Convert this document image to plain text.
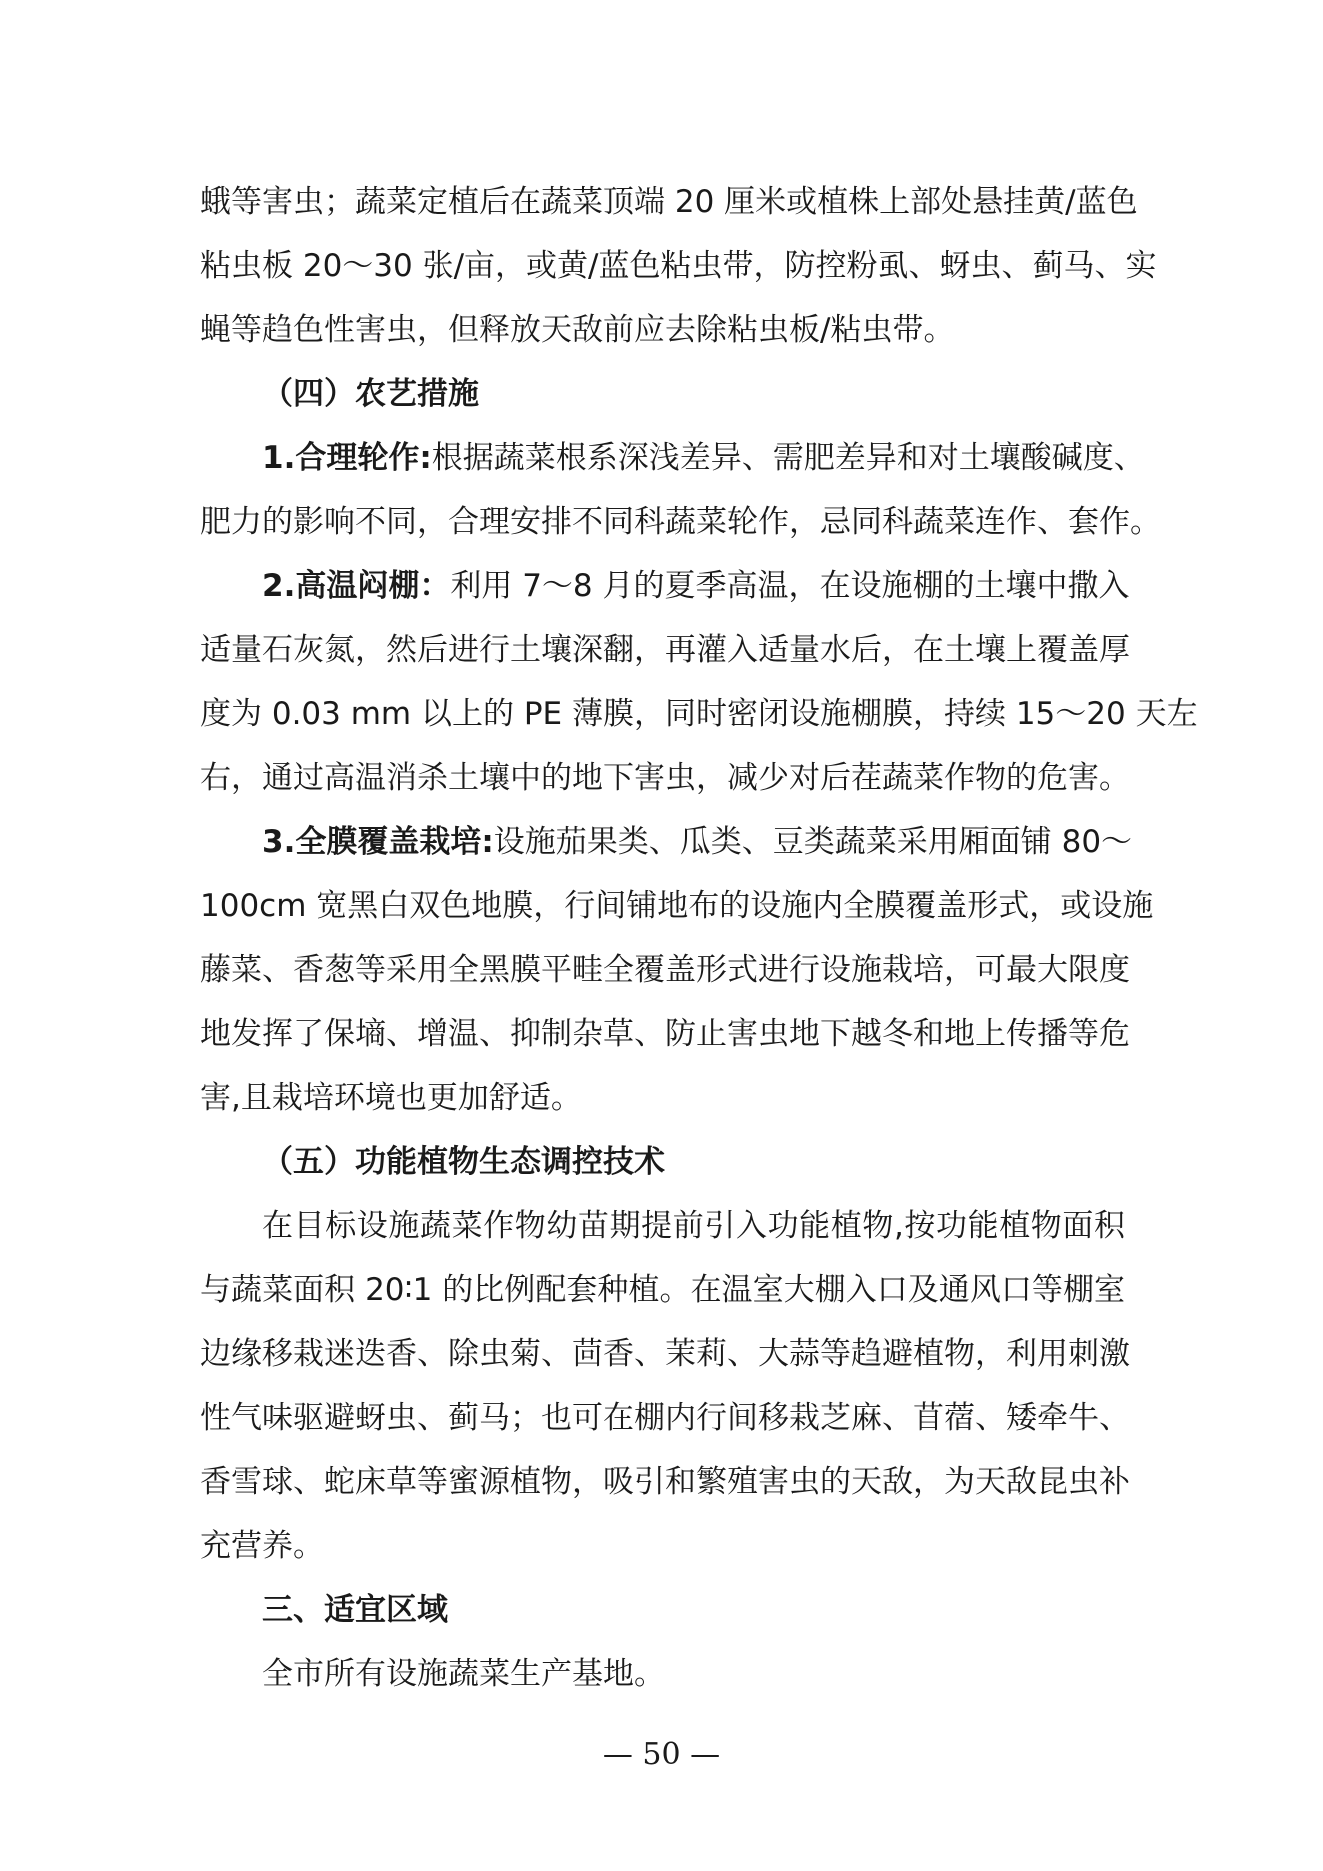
蛾等害虫；蔬菜定植后在蔬菜顶端 20 厘米或植株上部处悬挂黄/蓝色
粘虫板 20～30 张/亩，或黄/蓝色粘虫带，防控粉虱、蚜虫、蓟马、实
蝇等趋色性害虫，但释放天敌前应去除粘虫板/粘虫带。
（四）农艺措施
1.合理轮作:根据蔬菜根系深浅差异、需肥差异和对土壤酸碱度、
肥力的影响不同，合理安排不同科蔬菜轮作，忌同科蔬菜连作、套作。
2.高温闷棚：利用 7～8 月的夏季高温，在设施棚的土壤中撒入
适量石灰氮，然后进行土壤深翻，再灌入适量水后，在土壤上覆盖厚
度为 0.03 mm 以上的 PE 薄膜，同时密闭设施棚膜，持续 15～20 天左
右，通过高温消杀土壤中的地下害虫，减少对后茬蔬菜作物的危害。
3.全膜覆盖栽培:设施茄果类、瓜类、豆类蔬菜采用厢面铺 80～
100cm 宽黑白双色地膜，行间铺地布的设施内全膜覆盖形式，或设施
藤菜、香葱等采用全黑膜平畦全覆盖形式进行设施栽培，可最大限度
地发挥了保墒、增温、抑制杂草、防止害虫地下越冬和地上传播等危
害,且栽培环境也更加舒适。
（五）功能植物生态调控技术
在目标设施蔬菜作物幼苗期提前引入功能植物,按功能植物面积
与蔬菜面积 20∶1 的比例配套种植。在温室大棚入口及通风口等棚室
边缘移栽迷迭香、除虫菊、茴香、茉莉、大蒜等趋避植物，利用刺激
性气味驱避蚜虫、蓟马；也可在棚内行间移栽芝麻、苜蓿、矮牵牛、
香雪球、蛇床草等蜜源植物，吸引和繁殖害虫的天敌，为天敌昆虫补
充营养。
三、适宜区域
全市所有设施蔬菜生产基地。
— 50 —
